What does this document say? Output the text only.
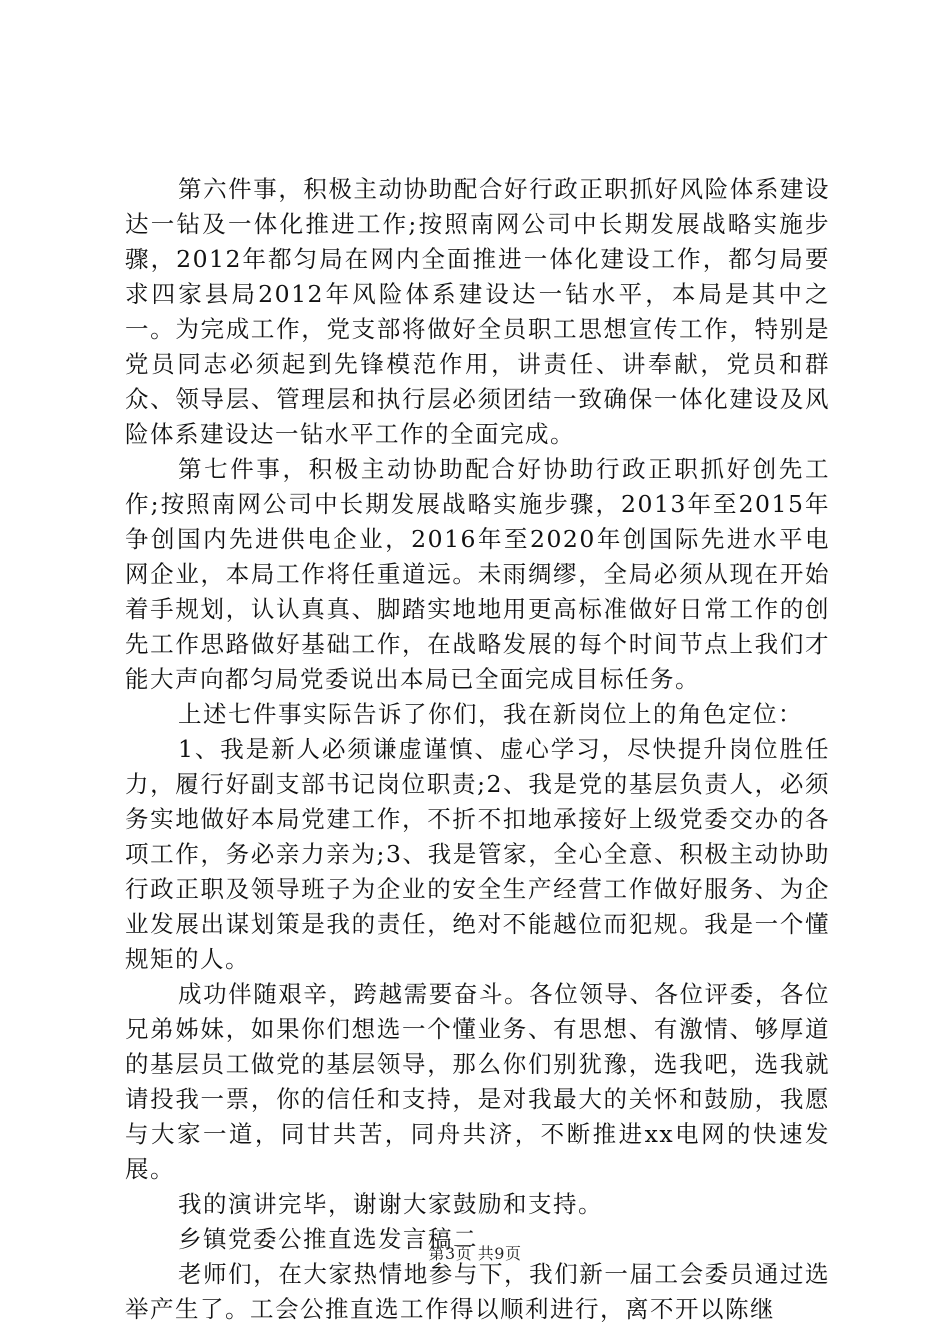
第六件事，积极主动协助配合好行政正职抓好风险体系建设达一钻及一体化推进工作;按照南网公司中长期发展战略实施步骤，2012年都匀局在网内全面推进一体化建设工作，都匀局要求四家县局2012年风险体系建设达一钻水平，本局是其中之一。为完成工作，党支部将做好全员职工思想宣传工作，特别是党员同志必须起到先锋模范作用，讲责任、讲奉献，党员和群众、领导层、管理层和执行层必须团结一致确保一体化建设及风险体系建设达一钻水平工作的全面完成。

第七件事，积极主动协助配合好协助行政正职抓好创先工作;按照南网公司中长期发展战略实施步骤，2013年至2015年争创国内先进供电企业，2016年至2020年创国际先进水平电网企业，本局工作将任重道远。未雨绸缪，全局必须从现在开始着手规划，认认真真、脚踏实地地用更高标准做好日常工作的创先工作思路做好基础工作，在战略发展的每个时间节点上我们才能大声向都匀局党委说出本局已全面完成目标任务。

上述七件事实际告诉了你们，我在新岗位上的角色定位：

1、我是新人必须谦虚谨慎、虚心学习，尽快提升岗位胜任力，履行好副支部书记岗位职责;2、我是党的基层负责人，必须务实地做好本局党建工作，不折不扣地承接好上级党委交办的各项工作，务必亲力亲为;3、我是管家，全心全意、积极主动协助行政正职及领导班子为企业的安全生产经营工作做好服务、为企业发展出谋划策是我的责任，绝对不能越位而犯规。我是一个懂规矩的人。

成功伴随艰辛，跨越需要奋斗。各位领导、各位评委，各位兄弟姊妹，如果你们想选一个懂业务、有思想、有激情、够厚道的基层员工做党的基层领导，那么你们别犹豫，选我吧，选我就请投我一票，你的信任和支持，是对我最大的关怀和鼓励，我愿与大家一道，同甘共苦，同舟共济，不断推进xx电网的快速发展。

我的演讲完毕，谢谢大家鼓励和支持。

乡镇党委公推直选发言稿二

老师们，在大家热情地参与下，我们新一届工会委员通过选举产生了。工会公推直选工作得以顺利进行，离不开以陈继

第3页 共9页
